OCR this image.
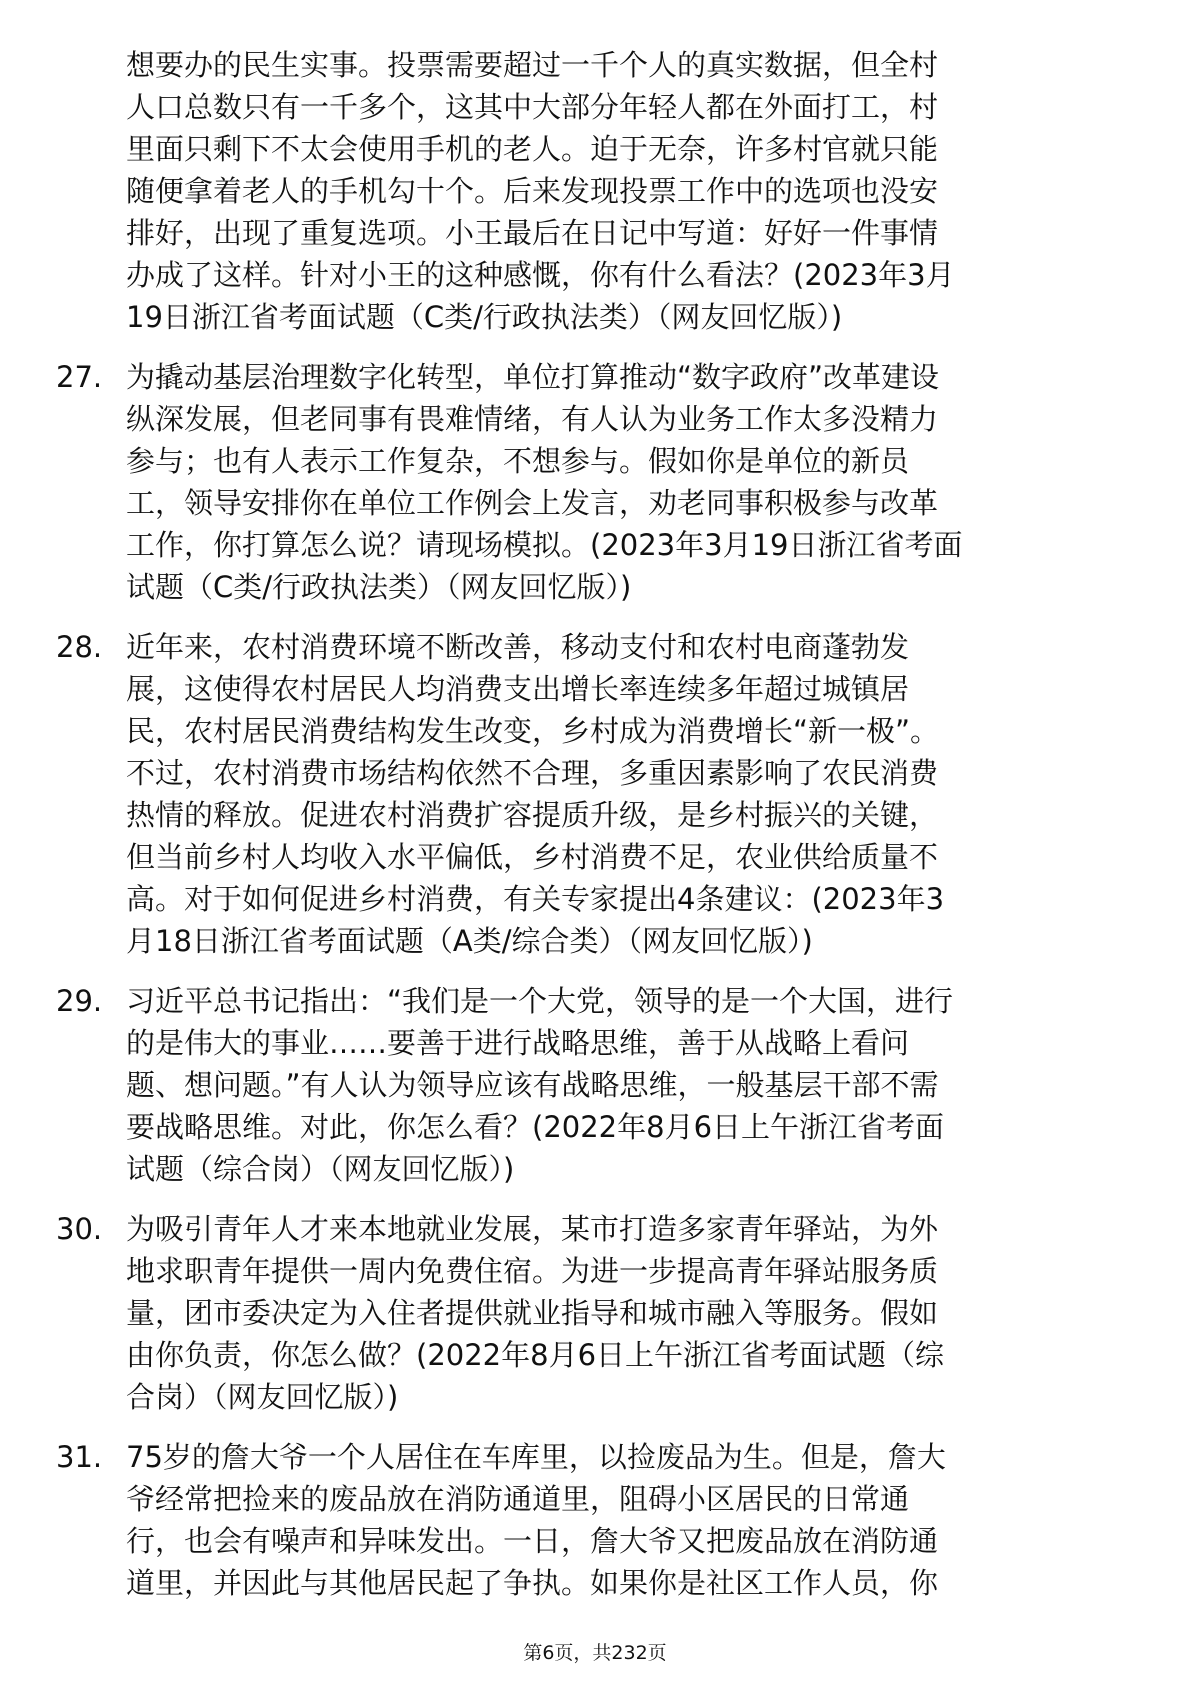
想要办的民生实事。投票需要超过一千个人的真实数据，但全村
人口总数只有一千多个，这其中大部分年轻人都在外面打工，村
里面只剩下不太会使用手机的老人。迫于无奈，许多村官就只能
随便拿着老人的手机勾十个。后来发现投票工作中的选项也没安
排好，出现了重复选项。小王最后在日记中写道：好好一件事情
办成了这样。针对小王的这种感慨，你有什么看法？(2023年3月
19日浙江省考面试题（C类/行政执法类）（网友回忆版）)
27. 为撬动基层治理数字化转型，单位打算推动“数字政府”改革建设
纵深发展，但老同事有畏难情绪，有人认为业务工作太多没精力
参与；也有人表示工作复杂，不想参与。假如你是单位的新员
工，领导安排你在单位工作例会上发言，劝老同事积极参与改革
工作，你打算怎么说？请现场模拟。(2023年3月19日浙江省考面
试题（C类/行政执法类）（网友回忆版）)
28. 近年来，农村消费环境不断改善，移动支付和农村电商蓬勃发
展，这使得农村居民人均消费支出增长率连续多年超过城镇居
民，农村居民消费结构发生改变，乡村成为消费增长“新一极”。
不过，农村消费市场结构依然不合理，多重因素影响了农民消费
热情的释放。促进农村消费扩容提质升级，是乡村振兴的关键，
但当前乡村人均收入水平偏低，乡村消费不足，农业供给质量不
高。对于如何促进乡村消费，有关专家提出4条建议：(2023年3
月18日浙江省考面试题（A类/综合类）（网友回忆版）)
29. 习近平总书记指出：“我们是一个大党，领导的是一个大国，进行
的是伟大的事业……要善于进行战略思维，善于从战略上看问
题、想问题。”有人认为领导应该有战略思维，一般基层干部不需
要战略思维。对此，你怎么看？(2022年8月6日上午浙江省考面
试题（综合岗）（网友回忆版）)
30. 为吸引青年人才来本地就业发展，某市打造多家青年驿站，为外
地求职青年提供一周内免费住宿。为进一步提高青年驿站服务质
量，团市委决定为入住者提供就业指导和城市融入等服务。假如
由你负责，你怎么做？(2022年8月6日上午浙江省考面试题（综
合岗）（网友回忆版）)
31. 75岁的詹大爷一个人居住在车库里，以捡废品为生。但是，詹大
爷经常把捡来的废品放在消防通道里，阻碍小区居民的日常通
行，也会有噪声和异味发出。一日，詹大爷又把废品放在消防通
道里，并因此与其他居民起了争执。如果你是社区工作人员，你
第6页，共232页
